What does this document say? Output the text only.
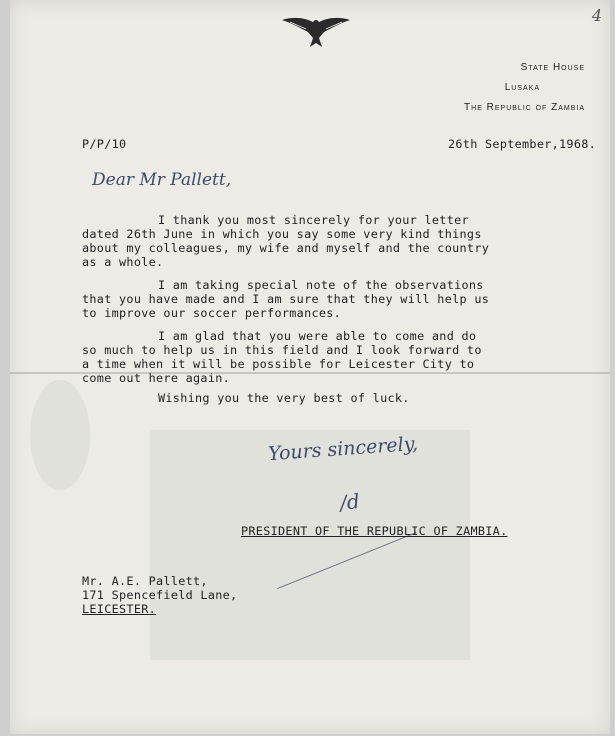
4
State House
Lusaka
The Republic of Zambia
P/P/10	26th September,1968.
Dear Mr Pallett,
I thank you most sincerely for your letter
dated 26th June in which you say some very kind things
about my colleagues, my wife and myself and the country
as a whole.
I am taking special note of the observations
that you have made and I am sure that they will help us
to improve our soccer performances.
I am glad that you were able to come and do
so much to help us in this field and I look forward to
a time when it will be possible for Leicester City to
come out here again.
Wishing you the very best of luck.
Yours sincerely,
/d
PRESIDENT OF THE REPUBLIC OF ZAMBIA.
Mr. A.E. Pallett,
171 Spencefield Lane,
LEICESTER.
